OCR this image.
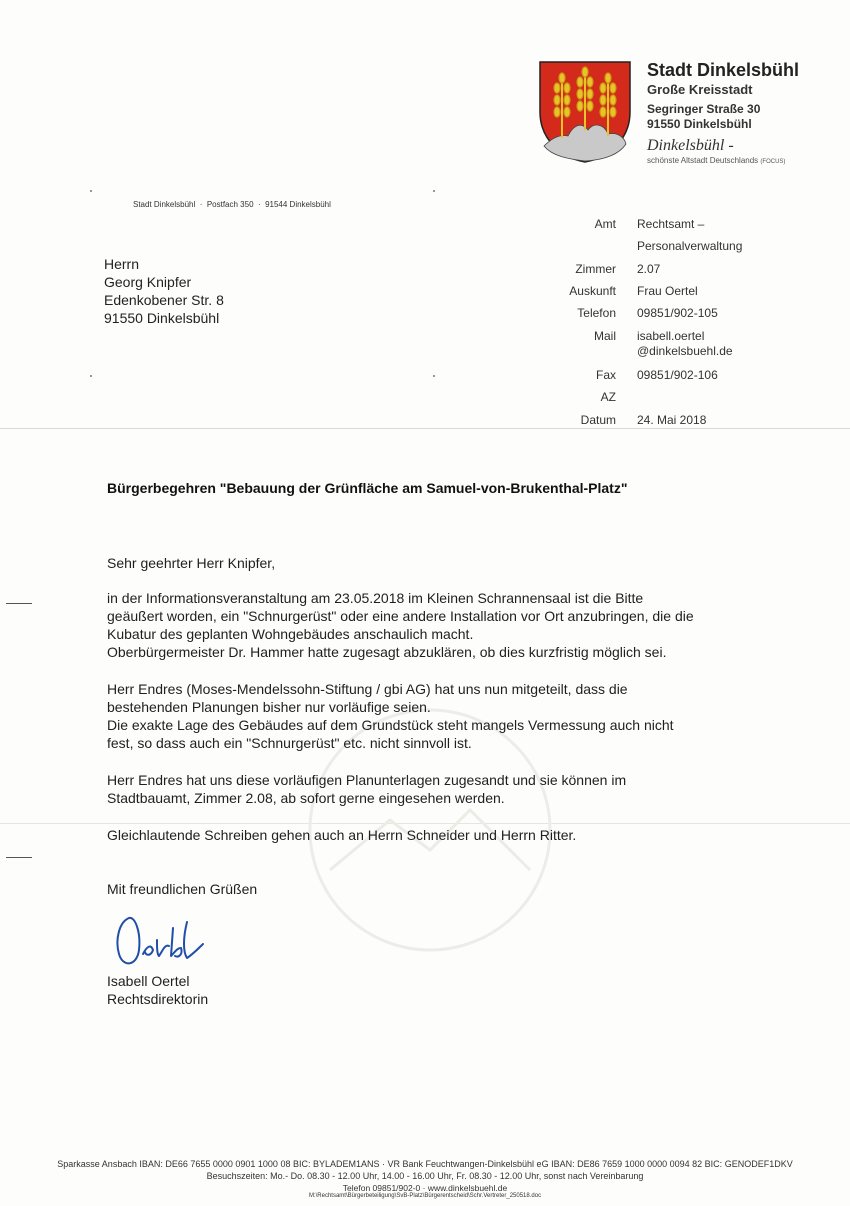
Stadt Dinkelsbühl
Große Kreisstadt
Segringer Straße 30
91550 Dinkelsbühl
Dinkelsbühl -
schönste Altstadt Deutschlands (FOCUS)
Stadt Dinkelsbühl  ·  Postfach 350  ·  91544 Dinkelsbühl
Herrn
Georg Knipfer
Edenkobener Str. 8
91550 Dinkelsbühl
Amt Rechtsamt –
Personalverwaltung
Zimmer 2.07
Auskunft Frau Oertel
Telefon 09851/902-105
Mail isabell.oertel
@dinkelsbuehl.de
Fax 09851/902-106
AZ
Datum 24. Mai 2018
Bürgerbegehren "Bebauung der Grünfläche am Samuel-von-Brukenthal-Platz"
Sehr geehrter Herr Knipfer,
in der Informationsveranstaltung am 23.05.2018 im Kleinen Schrannensaal ist die Bitte
geäußert worden, ein "Schnurgerüst" oder eine andere Installation vor Ort anzubringen, die die
Kubatur des geplanten Wohngebäudes anschaulich macht.
Oberbürgermeister Dr. Hammer hatte zugesagt abzuklären, ob dies kurzfristig möglich sei.
Herr Endres (Moses-Mendelssohn-Stiftung / gbi AG) hat uns nun mitgeteilt, dass die
bestehenden Planungen bisher nur vorläufige seien.
Die exakte Lage des Gebäudes auf dem Grundstück steht mangels Vermessung auch nicht
fest, so dass auch ein "Schnurgerüst" etc. nicht sinnvoll ist.
Herr Endres hat uns diese vorläufigen Planunterlagen zugesandt und sie können im
Stadtbauamt, Zimmer 2.08, ab sofort gerne eingesehen werden.
Gleichlautende Schreiben gehen auch an Herrn Schneider und Herrn Ritter.
Mit freundlichen Grüßen
Isabell Oertel
Rechtsdirektorin
Sparkasse Ansbach IBAN: DE66 7655 0000 0901 1000 08 BIC: BYLADEM1ANS · VR Bank Feuchtwangen-Dinkelsbühl eG IBAN: DE86 7659 1000 0000 0094 82 BIC: GENODEF1DKV
Besuchszeiten: Mo.- Do. 08.30 - 12.00 Uhr, 14.00 - 16.00 Uhr, Fr. 08.30 - 12.00 Uhr, sonst nach Vereinbarung
Telefon 09851/902-0 · www.dinkelsbuehl.de
M:\Rechtsamt\Bürgerbeteiligung\SvB-Platz\Bürgerentscheid\Schr.Vertreter_250518.doc
